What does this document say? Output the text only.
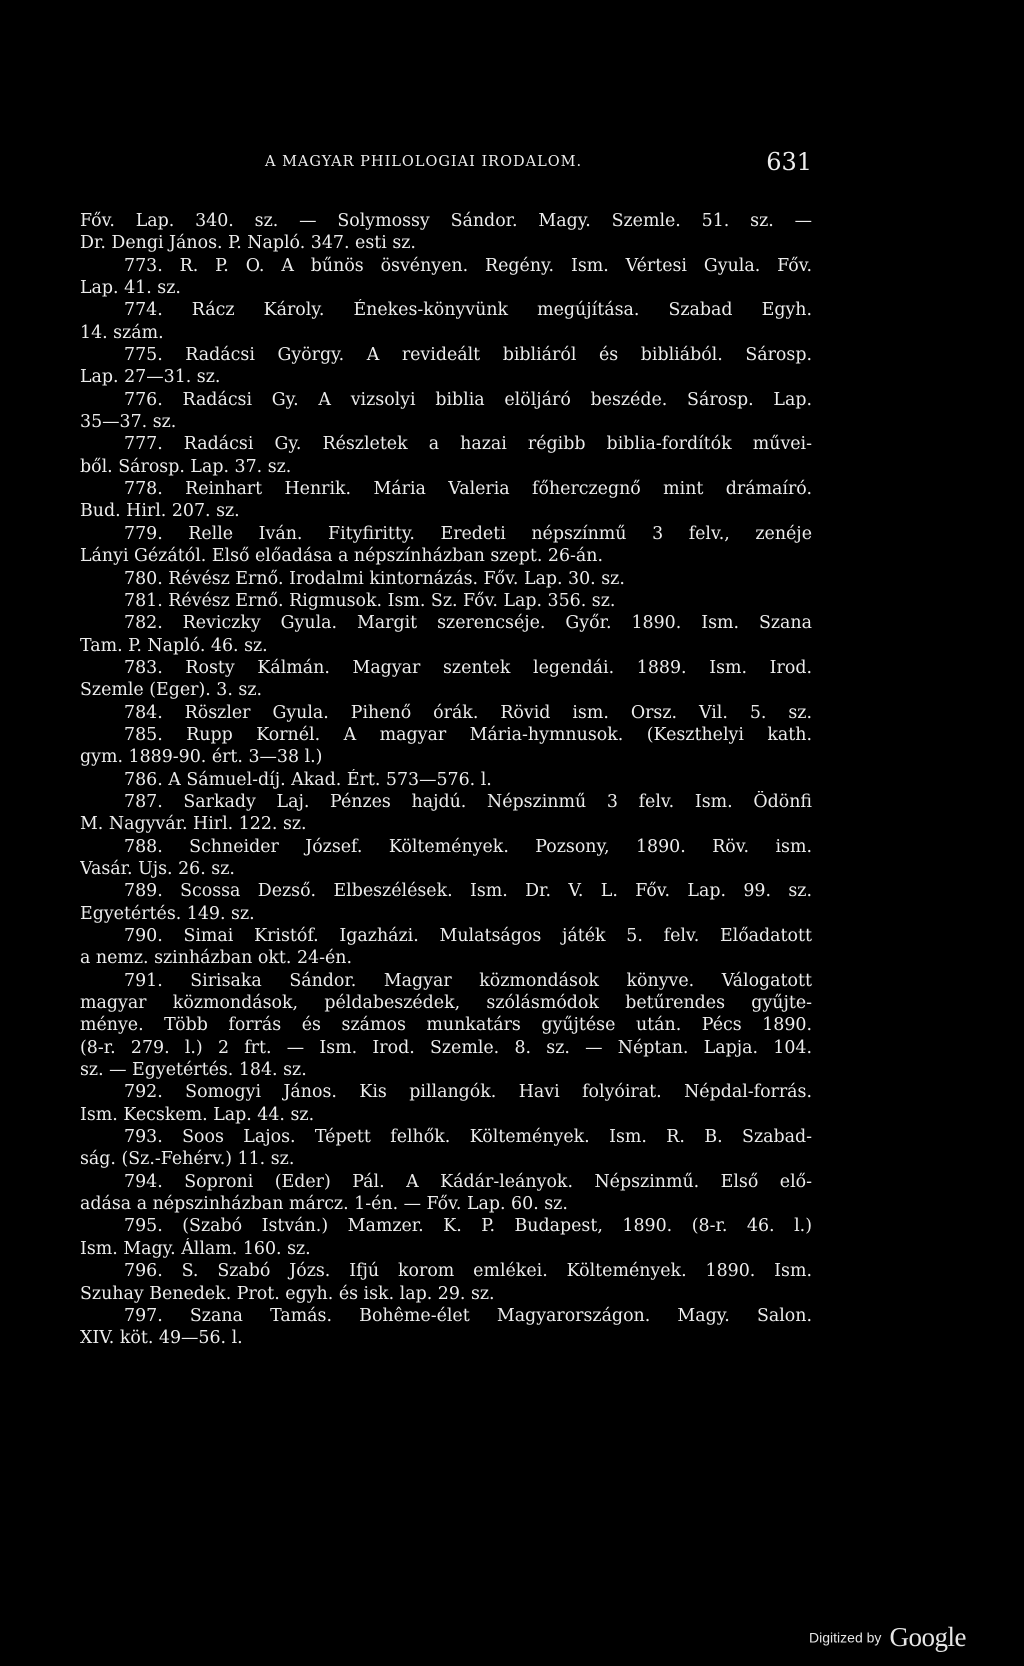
A MAGYAR PHILOLOGIAI IRODALOM.	631
Főv. Lap. 340. sz. — Solymossy Sándor. Magy. Szemle. 51. sz. —
Dr. Dengi János. P. Napló. 347. esti sz.
773. R. P. O. A bűnös ösvényen. Regény. Ism. Vértesi Gyula. Főv.
Lap. 41. sz.
774. Rácz Károly. Énekes-könyvünk megújítása. Szabad Egyh.
14. szám.
775. Radácsi György. A revideált bibliáról és bibliából. Sárosp.
Lap. 27—31. sz.
776. Radácsi Gy. A vizsolyi biblia elöljáró beszéde. Sárosp. Lap.
35—37. sz.
777. Radácsi Gy. Részletek a hazai régibb biblia-fordítók művei-
ből. Sárosp. Lap. 37. sz.
778. Reinhart Henrik. Mária Valeria főherczegnő mint drámaíró.
Bud. Hirl. 207. sz.
779. Relle Iván. Fityfiritty. Eredeti népszínmű 3 felv., zenéje
Lányi Gézától. Első előadása a népszínházban szept. 26-án.
780. Révész Ernő. Irodalmi kintornázás. Főv. Lap. 30. sz.
781. Révész Ernő. Rigmusok. Ism. Sz. Főv. Lap. 356. sz.
782. Reviczky Gyula. Margit szerencséje. Győr. 1890. Ism. Szana
Tam. P. Napló. 46. sz.
783. Rosty Kálmán. Magyar szentek legendái. 1889. Ism. Irod.
Szemle (Eger). 3. sz.
784. Röszler Gyula. Pihenő órák. Rövid ism. Orsz. Vil. 5. sz.
785. Rupp Kornél. A magyar Mária-hymnusok. (Keszthelyi kath.
gym. 1889-90. ért. 3—38 l.)
786. A Sámuel-díj. Akad. Ért. 573—576. l.
787. Sarkady Laj. Pénzes hajdú. Népszinmű 3 felv. Ism. Ödönfi
M. Nagyvár. Hirl. 122. sz.
788. Schneider József. Költemények. Pozsony, 1890. Röv. ism.
Vasár. Ujs. 26. sz.
789. Scossa Dezső. Elbeszélések. Ism. Dr. V. L. Főv. Lap. 99. sz.
Egyetértés. 149. sz.
790. Simai Kristóf. Igazházi. Mulatságos játék 5. felv. Előadatott
a nemz. szinházban okt. 24-én.
791. Sirisaka Sándor. Magyar közmondások könyve. Válogatott
magyar közmondások, példabeszédek, szólásmódok betűrendes gyűjte-
ménye. Több forrás és számos munkatárs gyűjtése után. Pécs 1890.
(8-r. 279. l.) 2 frt. — Ism. Irod. Szemle. 8. sz. — Néptan. Lapja. 104.
sz. — Egyetértés. 184. sz.
792. Somogyi János. Kis pillangók. Havi folyóirat. Népdal-forrás.
Ism. Kecskem. Lap. 44. sz.
793. Soos Lajos. Tépett felhők. Költemények. Ism. R. B. Szabad-
ság. (Sz.-Fehérv.) 11. sz.
794. Soproni (Eder) Pál. A Kádár-leányok. Népszinmű. Első elő-
adása a népszinházban márcz. 1-én. — Főv. Lap. 60. sz.
795. (Szabó István.) Mamzer. K. P. Budapest, 1890. (8-r. 46. l.)
Ism. Magy. Állam. 160. sz.
796. S. Szabó Józs. Ifjú korom emlékei. Költemények. 1890. Ism.
Szuhay Benedek. Prot. egyh. és isk. lap. 29. sz.
797. Szana Tamás. Bohême-élet Magyarországon. Magy. Salon.
XIV. köt. 49—56. l.
Digitized by Google
